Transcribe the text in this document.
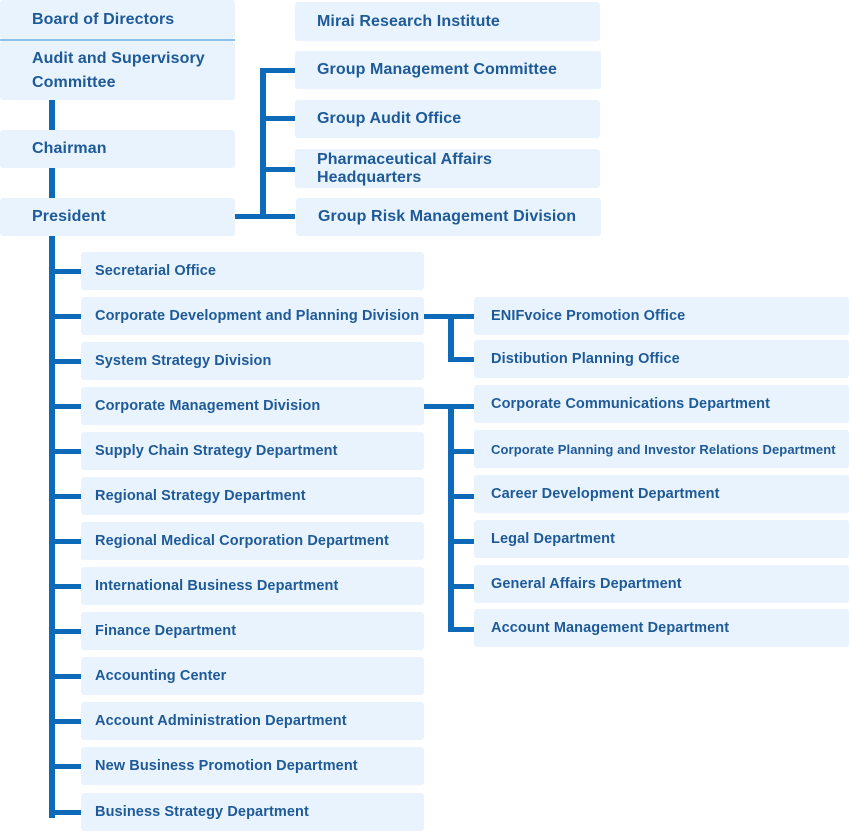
Board of Directors
Audit and Supervisory Committee
Chairman
President
Mirai Research Institute
Group Management Committee
Group Audit Office
Pharmaceutical Affairs Headquarters
Group Risk Management Division
Secretarial Office
Corporate Development and Planning Division
System Strategy Division
Corporate Management Division
Supply Chain Strategy Department
Regional Strategy Department
Regional Medical Corporation Department
International Business Department
Finance Department
Accounting Center
Account Administration Department
New Business Promotion Department
Business Strategy Department
ENIFvoice Promotion Office
Distibution Planning Office
Corporate Communications Department
Corporate Planning and Investor Relations Department
Career Development Department
Legal Department
General Affairs Department
Account Management Department
